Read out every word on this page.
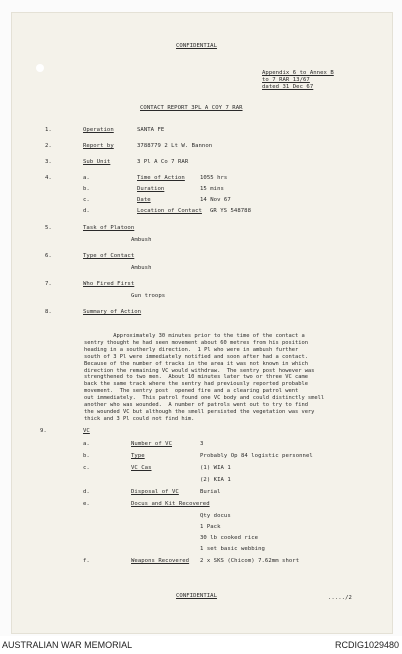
CONFIDENTIAL
Appendix 6 to Annex B
to 7 RAR 13/67
dated 31 Dec 67
CONTACT REPORT 3PL A COY 7 RAR
1.	Operation	SANTA FE
2.	Report by	3788779 2 Lt W. Bannon
3.	Sub Unit	3 Pl A Co 7 RAR
4.	a.	Time of Action	1055 hrs
b.	Duration	15 mins
c.	Date	14 Nov 67
d.	Location of Contact GR YS 548788
5.	Task of Platoon
Ambush
6.	Type of Contact
Ambush
7.	Who Fired First
Gun troops
8.	Summary of Action
Approximately 30 minutes prior to the time of the contact a
sentry thought he had seen movement about 60 metres from his position
heading in a southerly direction.  1 Pl who were in ambush further
south of 3 Pl were immediately notified and soon after had a contact.
Because of the number of tracks in the area it was not known in which
direction the remaining VC would withdraw.  The sentry post however was
strengthened to two men.  About 10 minutes later two or three VC came
back the same track where the sentry had previously reported probable
movement.  The sentry post  opened fire and a clearing patrol went
out immediately.  This patrol found one VC body and could distinctly smell
another who was wounded.  A number of patrols went out to try to find
the wounded VC but although the smell persisted the vegetation was very
thick and 3 Pl could not find him.
9.	VC
a.	Number of VC	3
b.	Type	Probably Op 84 logistic personnel
c.	VC Cas	(1) WIA 1
(2) KIA 1
d.	Disposal of VC	Burial
e.	Docus and Kit Recovered
Qty docus
1 Pack
30 lb cooked rice
1 set basic webbing
f.	Weapons Recovered 2 x SKS (Chicom) 7.62mm short
CONFIDENTIAL	...../2
AUSTRALIAN WAR MEMORIAL	RCDIG1029480
